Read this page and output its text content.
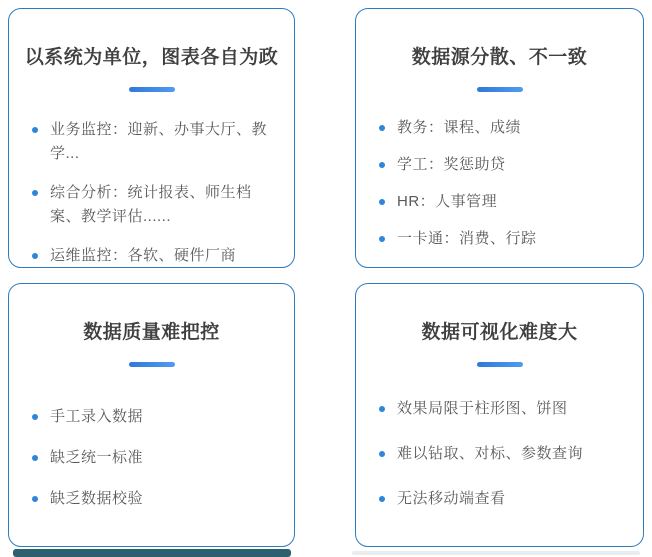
以系统为单位，图表各自为政
业务监控：迎新、办事大厅、教学...
综合分析：统计报表、师生档案、教学评估......
运维监控：各软、硬件厂商
数据源分散、不一致
教务：课程、成绩
学工：奖惩助贷
HR：人事管理
一卡通：消费、行踪
数据质量难把控
手工录入数据
缺乏统一标准
缺乏数据校验
数据可视化难度大
效果局限于柱形图、饼图
难以钻取、对标、参数查询
无法移动端查看
